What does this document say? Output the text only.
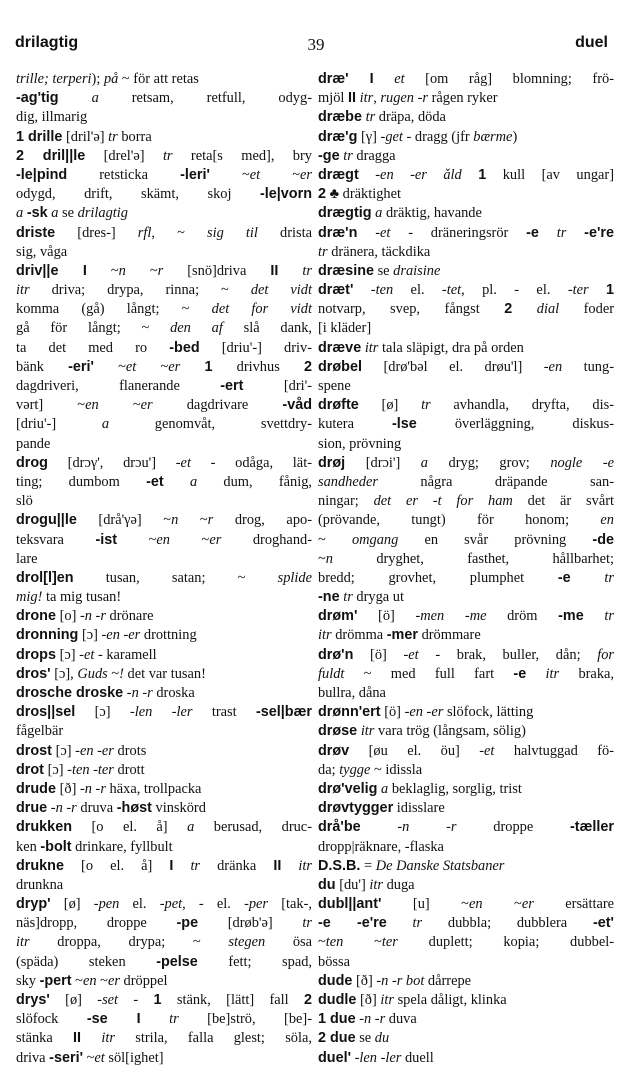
39
drilagtig	duel
trille; terperi); på ~ för att retas
-ag'tig a retsam, retfull, odyg-
dig, illmarig
1 drille [dril'ə] tr borra
2 dril||le [drel'ə] tr reta[s med], bry
-le|pind retsticka -leri' ~et ~er
odygd, drift, skämt, skoj -le|vorn
a -sk a se drilagtig
driste [dres-] rfl, ~ sig til drista
sig, våga
driv||e I ~n ~r [snö]driva II tr
itr driva; drypa, rinna; ~ det vidt
komma (gå) långt; ~ det for vidt
gå för långt; ~ den af slå dank,
ta det med ro -bed [driu'-] driv-
bänk -eri' ~et ~er 1 drivhus 2
dagdriveri, flanerande -ert [dri'-
vərt] ~en ~er dagdrivare -våd
[driu'-] a genomvåt, svettdry-
pande
drog [drɔγ', drɔu'] -et - odåga, lät-
ting; dumbom -et a dum, fånig,
slö
drogu||le [drå'γə] ~n ~r drog, apo-
teksvara -ist ~en ~er droghand-
lare
drol[l]en tusan, satan; ~ splide
mig! ta mig tusan!
drone [o] -n -r drönare
dronning [ɔ] -en -er drottning
drops [ɔ] -et - karamell
dros' [ɔ], Guds ~! det var tusan!
drosche droske -n -r droska
dros||sel [ɔ] -len -ler trast -sel|bær
fågelbär
drost [ɔ] -en -er drots
drot [ɔ] -ten -ter drott
drude [ð] -n -r häxa, trollpacka
drue -n -r druva -høst vinskörd
drukken [o el. å] a berusad, druc-
ken -bolt drinkare, fyllbult
drukne [o el. å] I tr dränka II itr
drunkna
dryp' [ø] -pen el. -pet, - el. -per [tak-,
näs]dropp, droppe -pe [drøb'ə] tr
itr droppa, drypa; ~ stegen ösa
(späda) steken -pelse fett; spad,
sky -pert ~en ~er dröppel
drys' [ø] -set - 1 stänk, [lätt] fall 2
slöfock -se I tr [be]strö, [be]-
stänka II itr strila, falla glest; söla,
driva -seri' ~et söl[ighet]
dræ' I et [om råg] blomning; frö-
mjöl II itr, rugen -r rågen ryker
dræbe tr dräpa, döda
dræ'g [γ] -get - dragg (jfr bærme)
-ge tr dragga
drægt -en -er ǎld 1 kull [av ungar]
2 ♣ dräktighet
drægtig a dräktig, havande
dræ'n -et - dräneringsrör -e tr -e're
tr dränera, täckdika
dræsine se draisine
dræt' -ten el. -tet, pl. - el. -ter 1
notvarp, svep, fångst 2 dial foder
[i kläder]
dræve itr tala släpigt, dra på orden
drøbel [drø'bəl el. drøu'l] -en tung-
spene
drøfte [ø] tr avhandla, dryfta, dis-
kutera -lse överläggning, diskus-
sion, prövning
drøj [drɔi'] a dryg; grov; nogle -e
sandheder några dräpande san-
ningar; det er -t for ham det är svårt
(prövande, tungt) för honom; en
~ omgang en svår prövning -de
~n dryghet, fasthet, hållbarhet;
bredd; grovhet, plumphet -e tr
-ne tr dryga ut
drøm' [ö] -men -me dröm -me tr
itr drömma -mer drömmare
drø'n [ö] -et - brak, buller, dån; for
fuldt ~ med full fart -e itr braka,
bullra, dåna
drønn'ert [ö] -en -er slöfock, lätting
drøse itr vara trög (långsam, sölig)
drøv [øu el. öu] -et halvtuggad fö-
da; tygge ~ idissla
drø'velig a beklaglig, sorglig, trist
drøvtygger idisslare
drå'be	-n -r droppe -tæller
dropp|räknare, -flaska
D.S.B. = De Danske Statsbaner
du [du'] itr duga
dubl||ant' [u] ~en ~er ersättare
-e -e're tr dubbla; dubblera -et'
~ten ~ter duplett; kopia; dubbel-
bössa
dude [ð] -n -r bot dårrepe
dudle [ð] itr spela dåligt, klinka
1 due -n -r duva
2 due se du
duel' -len -ler duell
